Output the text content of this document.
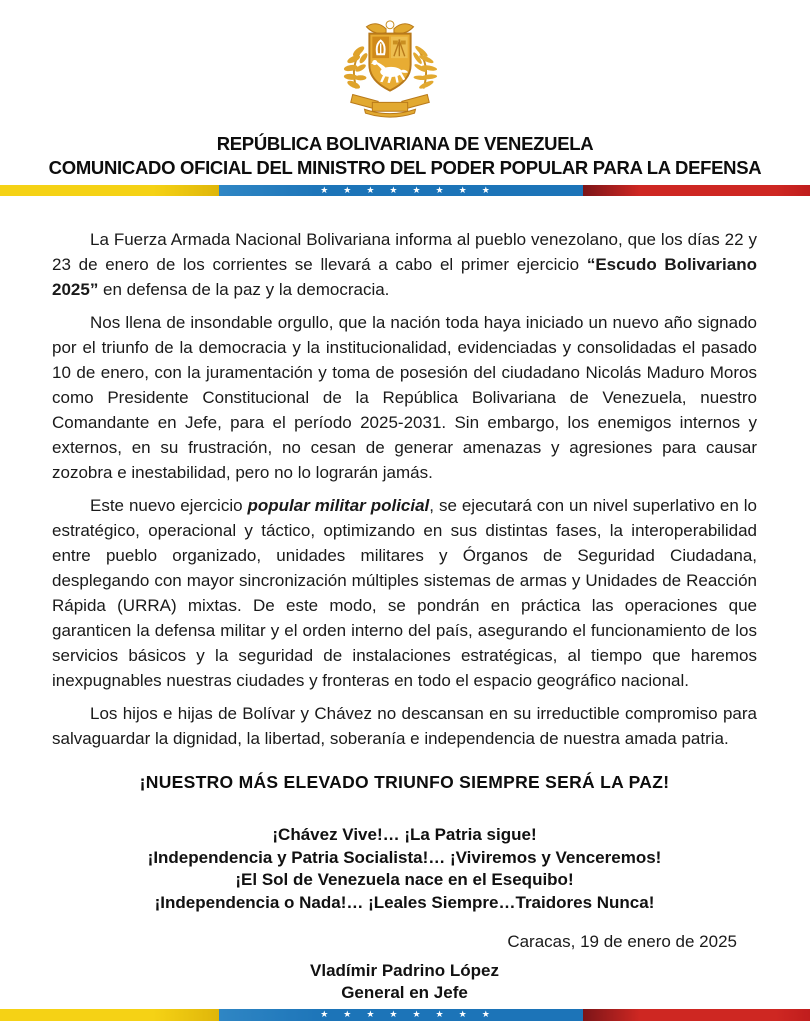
REPÚBLICA BOLIVARIANA DE VENEZUELA
COMUNICADO OFICIAL DEL MINISTRO DEL PODER POPULAR PARA LA DEFENSA
★★★★★★★★

La Fuerza Armada Nacional Bolivariana informa al pueblo venezolano, que los días 22 y 23 de enero de los corrientes se llevará a cabo el primer ejercicio “Escudo Bolivariano 2025” en defensa de la paz y la democracia.

Nos llena de insondable orgullo, que la nación toda haya iniciado un nuevo año signado por el triunfo de la democracia y la institucionalidad, evidenciadas y consolidadas el pasado 10 de enero, con la juramentación y toma de posesión del ciudadano Nicolás Maduro Moros como Presidente Constitucional de la República Bolivariana de Venezuela, nuestro Comandante en Jefe, para el período 2025-2031. Sin embargo, los enemigos internos y externos, en su frustración, no cesan de generar amenazas y agresiones para causar zozobra e inestabilidad, pero no lo lograrán jamás.

Este nuevo ejercicio popular militar policial, se ejecutará con un nivel superlativo en lo estratégico, operacional y táctico, optimizando en sus distintas fases, la interoperabilidad entre pueblo organizado, unidades militares y Órganos de Seguridad Ciudadana, desplegando con mayor sincronización múltiples sistemas de armas y Unidades de Reacción Rápida (URRA) mixtas. De este modo, se pondrán en práctica las operaciones que garanticen la defensa militar y el orden interno del país, asegurando el funcionamiento de los servicios básicos y la seguridad de instalaciones estratégicas, al tiempo que haremos inexpugnables nuestras ciudades y fronteras en todo el espacio geográfico nacional.

Los hijos e hijas de Bolívar y Chávez no descansan en su irreductible compromiso para salvaguardar la dignidad, la libertad, soberanía e independencia de nuestra amada patria.

¡NUESTRO MÁS ELEVADO TRIUNFO SIEMPRE SERÁ LA PAZ!
¡Chávez Vive!… ¡La Patria sigue!
¡Independencia y Patria Socialista!… ¡Viviremos y Venceremos!
¡El Sol de Venezuela nace en el Esequibo!
¡Independencia o Nada!… ¡Leales Siempre…Traidores Nunca!
Caracas, 19 de enero de 2025
Vladímir Padrino López
General en Jefe
★★★★★★★★
